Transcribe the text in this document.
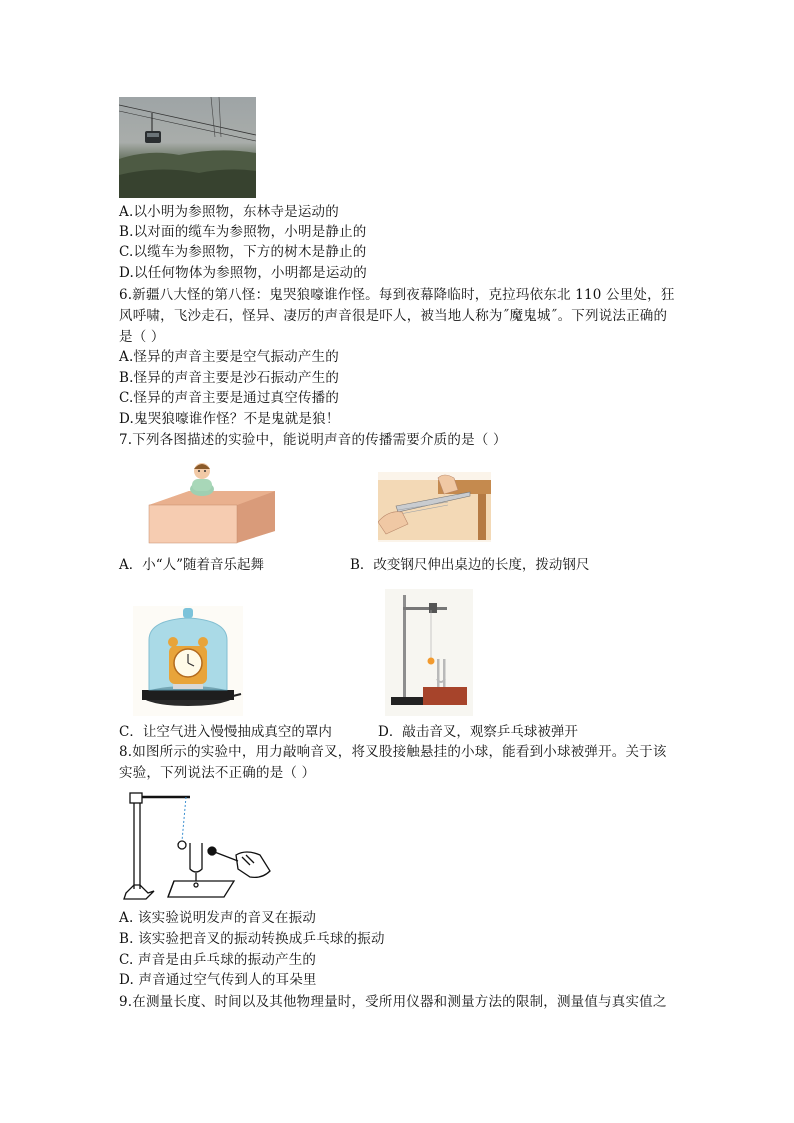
A.以小明为参照物，东林寺是运动的
B.以对面的缆车为参照物，小明是静止的
C.以缆车为参照物，下方的树木是静止的
D.以任何物体为参照物，小明都是运动的
6.新疆八大怪的第八怪：鬼哭狼嚎谁作怪。每到夜幕降临时，克拉玛依东北 110 公里处，狂
风呼啸，飞沙走石，怪异、凄厉的声音很是吓人，被当地人称为˝魔鬼城˝。下列说法正确的
是（ ）
A.怪异的声音主要是空气振动产生的
B.怪异的声音主要是沙石振动产生的
C.怪异的声音主要是通过真空传播的
D.鬼哭狼嚎谁作怪？不是鬼就是狼！
7.下列各图描述的实验中，能说明声音的传播需要介质的是（ ）
A．小“人”随着音乐起舞	B．改变钢尺伸出桌边的长度，拨动钢尺
C．让空气进入慢慢抽成真空的罩内	D．敲击音叉，观察乒乓球被弹开
8.如图所示的实验中，用力敲响音叉，将叉股接触悬挂的小球，能看到小球被弹开。关于该
实验，下列说法不正确的是（ ）
A. 该实验说明发声的音叉在振动
B. 该实验把音叉的振动转换成乒乓球的振动
C. 声音是由乒乓球的振动产生的
D. 声音通过空气传到人的耳朵里
9.在测量长度、时间以及其他物理量时，受所用仪器和测量方法的限制，测量值与真实值之
